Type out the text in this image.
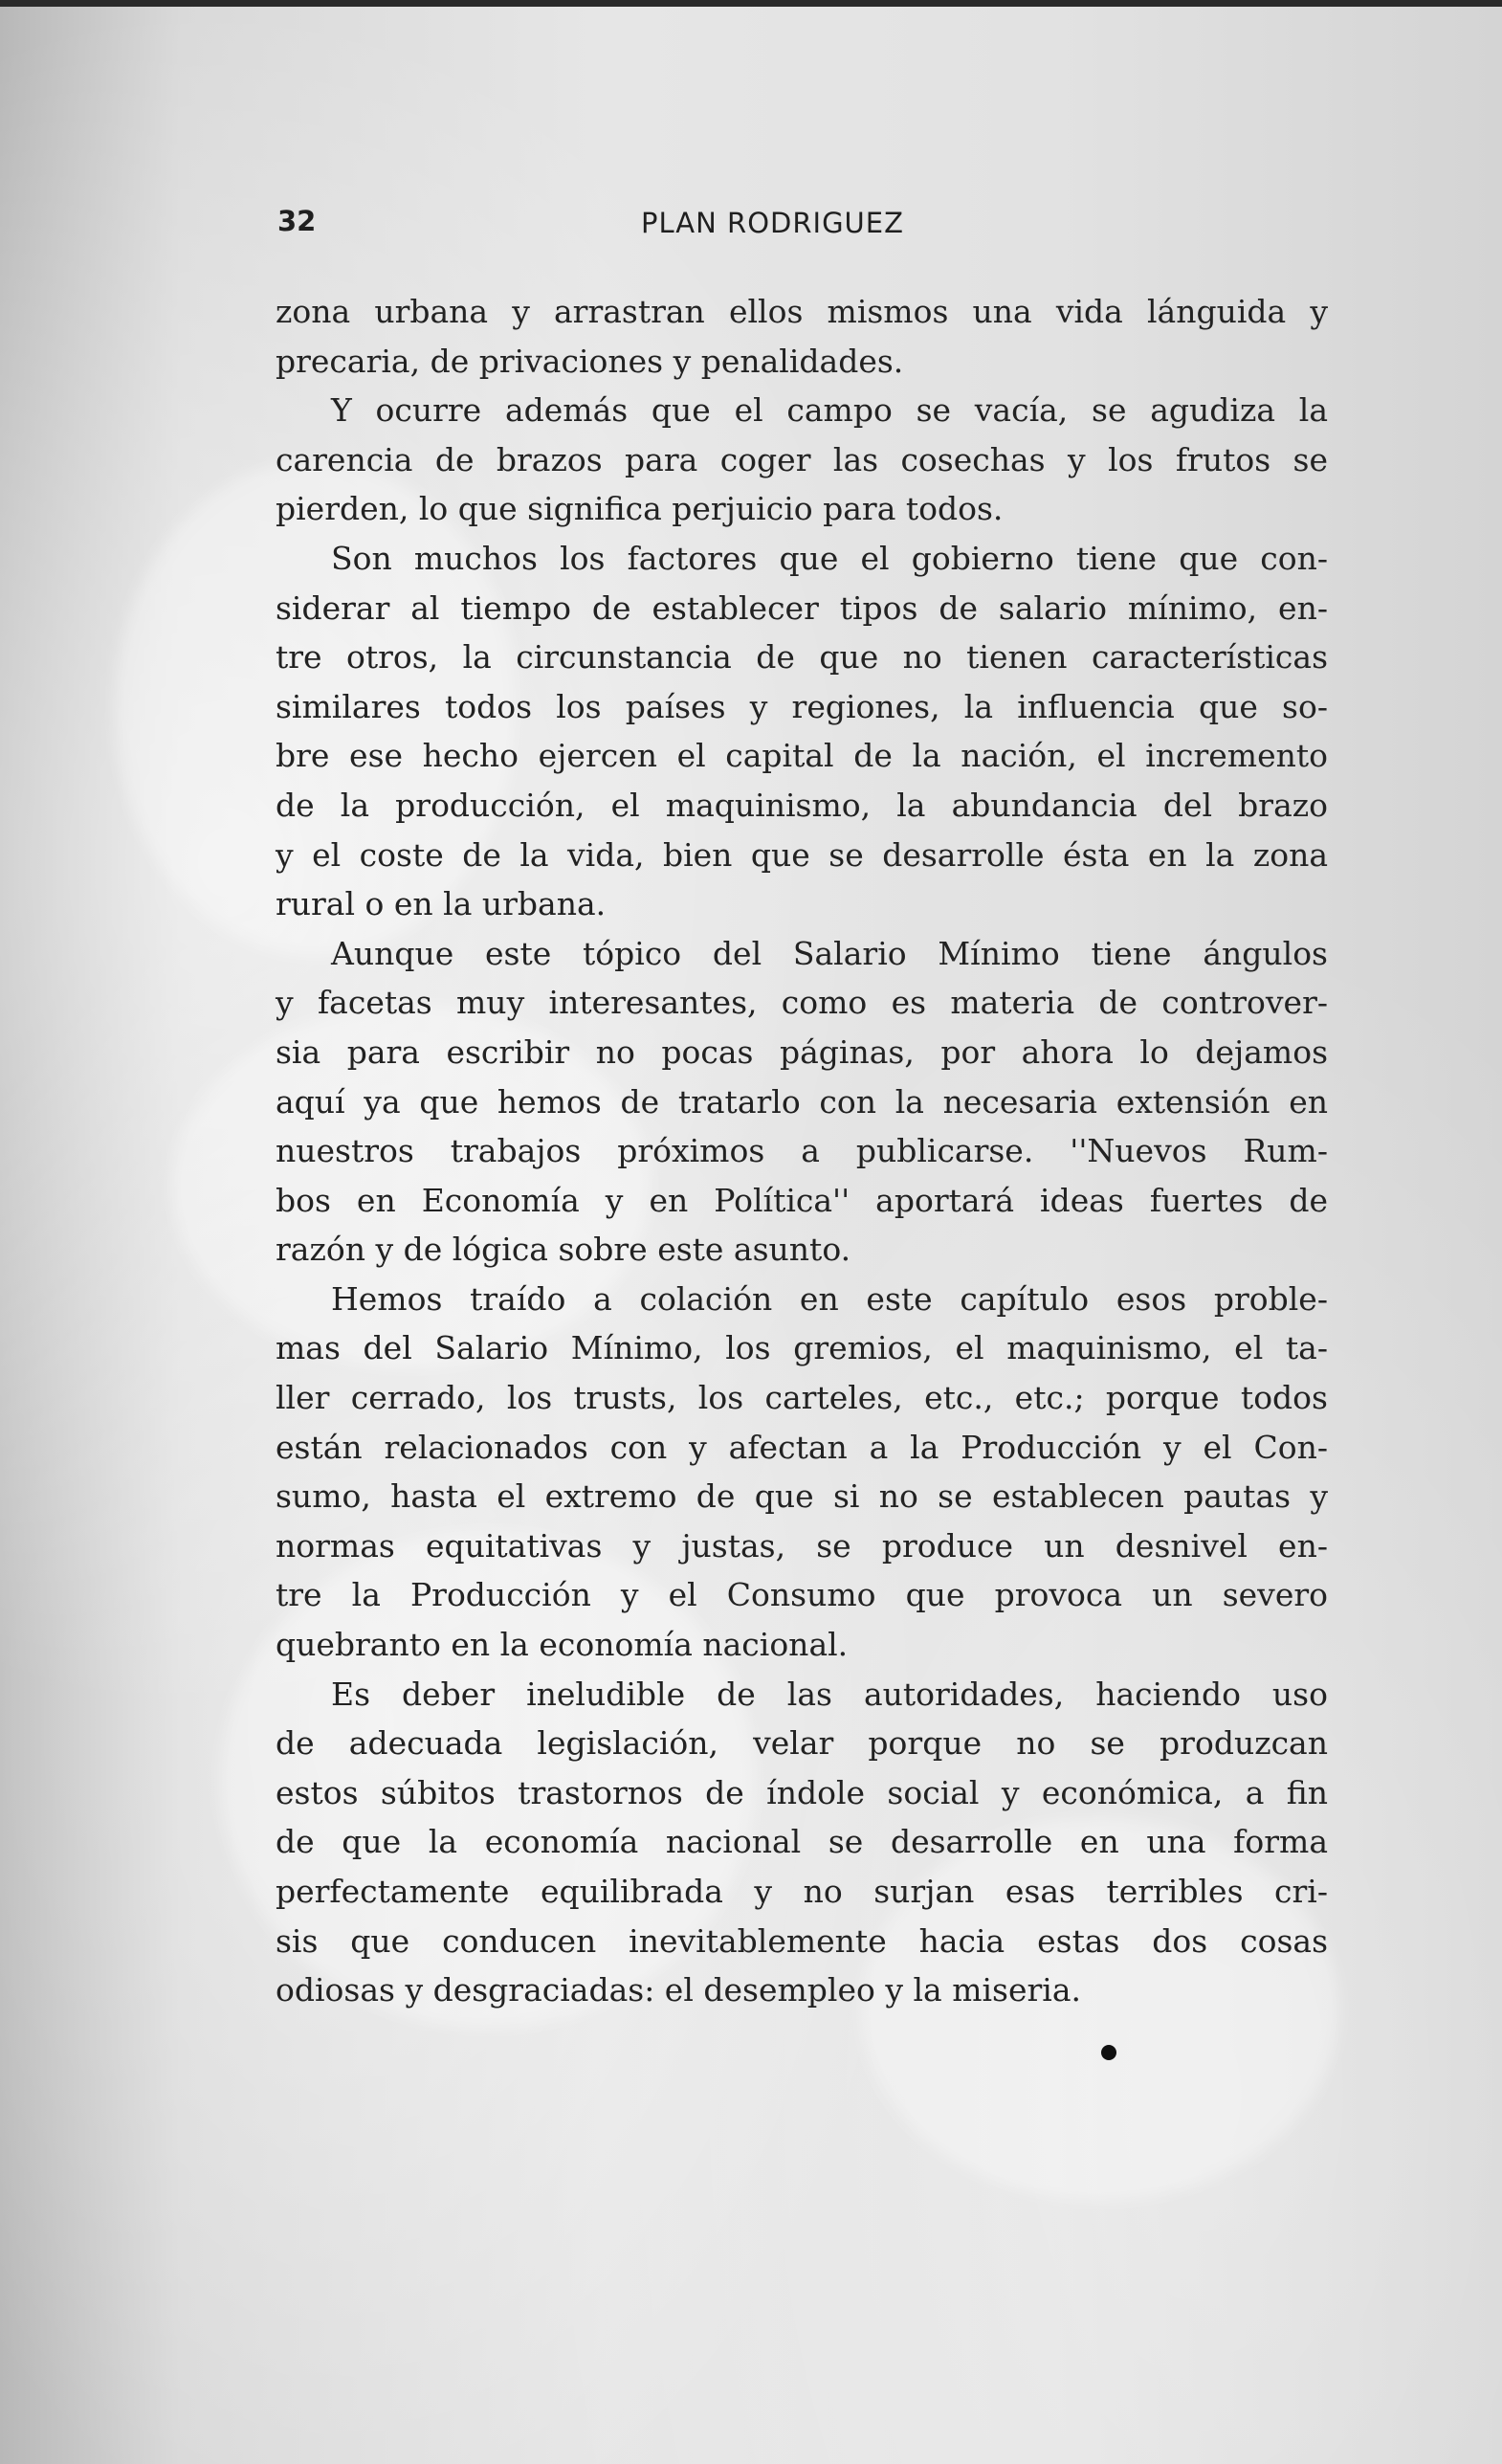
32	PLAN RODRIGUEZ
zona urbana y arrastran ellos mismos una vida lánguida y
precaria, de privaciones y penalidades.
Y ocurre además que el campo se vacía, se agudiza la
carencia de brazos para coger las cosechas y los frutos se
pierden, lo que significa perjuicio para todos.
Son muchos los factores que el gobierno tiene que con-
siderar al tiempo de establecer tipos de salario mínimo, en-
tre otros, la circunstancia de que no tienen características
similares todos los países y regiones, la influencia que so-
bre ese hecho ejercen el capital de la nación, el incremento
de la producción, el maquinismo, la abundancia del brazo
y el coste de la vida, bien que se desarrolle ésta en la zona
rural o en la urbana.
Aunque este tópico del Salario Mínimo tiene ángulos
y facetas muy interesantes, como es materia de controver-
sia para escribir no pocas páginas, por ahora lo dejamos
aquí ya que hemos de tratarlo con la necesaria extensión en
nuestros trabajos próximos a publicarse. ''Nuevos Rum-
bos en Economía y en Política'' aportará ideas fuertes de
razón y de lógica sobre este asunto.
Hemos traído a colación en este capítulo esos proble-
mas del Salario Mínimo, los gremios, el maquinismo, el ta-
ller cerrado, los trusts, los carteles, etc., etc.; porque todos
están relacionados con y afectan a la Producción y el Con-
sumo, hasta el extremo de que si no se establecen pautas y
normas equitativas y justas, se produce un desnivel en-
tre la Producción y el Consumo que provoca un severo
quebranto en la economía nacional.
Es deber ineludible de las autoridades, haciendo uso
de adecuada legislación, velar porque no se produzcan
estos súbitos trastornos de índole social y económica, a fin
de que la economía nacional se desarrolle en una forma
perfectamente equilibrada y no surjan esas terribles cri-
sis que conducen inevitablemente hacia estas dos cosas
odiosas y desgraciadas: el desempleo y la miseria.
